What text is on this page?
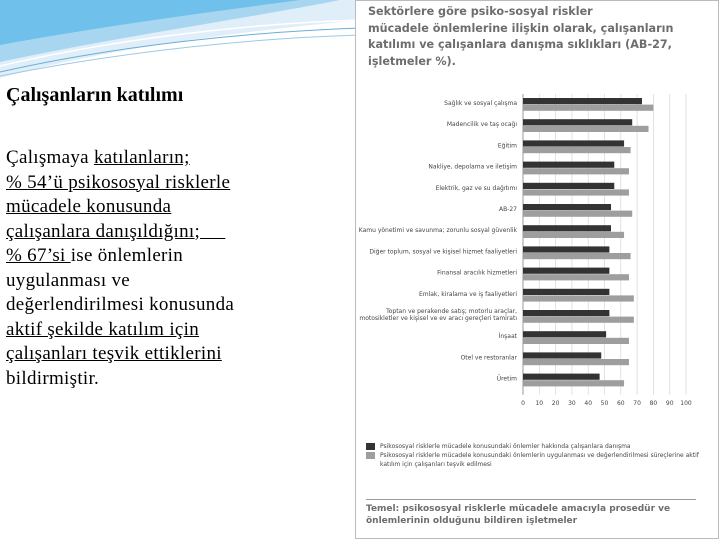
Çalışanların katılımı
Çalışmaya katılanların;
% 54’ü psikososyal risklerle
mücadele konusunda
çalışanlara danışıldığını;
% 67’si ise önlemlerin
uygulanması ve
değerlendirilmesi konusunda
aktif şekilde katılım için
çalışanları teşvik ettiklerini
bildirmiştir.
Sektörlere göre psiko-sosyal riskler
mücadele önlemlerine ilişkin olarak, çalışanların
katılımı ve çalışanlara danışma sıklıkları (AB-27,
işletmeler %).
0 10 20 30 40 50 60 70 80 90 100
Sağlık ve sosyal çalışma
Madencilik ve taş ocağı
Eğitim
Nakliye, depolama ve iletişim
Elektrik, gaz ve su dağıtımı
AB-27
Kamu yönetimi ve savunma; zorunlu sosyal güvenlik
Diğer toplum, sosyal ve kişisel hizmet faaliyetleri
Finansal aracılık hizmetleri
Emlak, kiralama ve iş faaliyetleri
Toptan ve perakende satış; motorlu araçlar, motosikletler ve kişisel ve ev aracı gereçleri tamiratı
İnşaat
Otel ve restoranlar
Üretim
Psikososyal risklerle mücadele konusundaki önlemler hakkında çalışanlara danışma
Psikososyal risklerle mücadele konusundaki önlemlerin uygulanması ve değerlendirilmesi süreçlerine aktif katılım için çalışanları teşvik edilmesi
Temel: psikososyal risklerle mücadele amacıyla prosedür ve önlemlerinin olduğunu bildiren işletmeler
